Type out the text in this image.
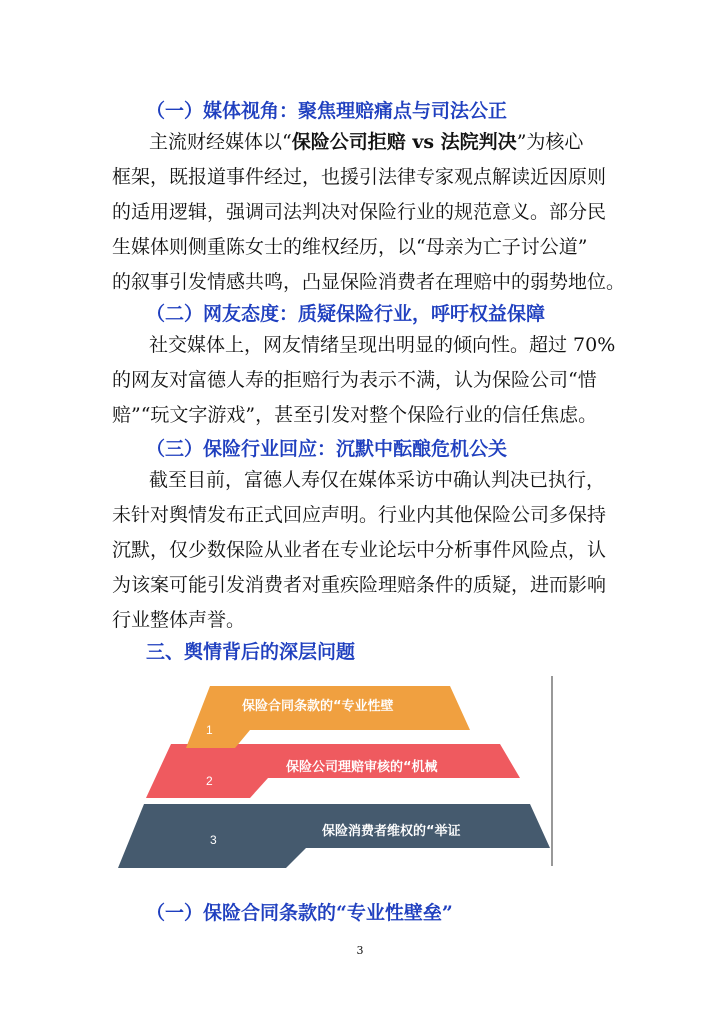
（一）媒体视角：聚焦理赔痛点与司法公正
主流财经媒体以“保险公司拒赔 vs 法院判决”为核心
框架，既报道事件经过，也援引法律专家观点解读近因原则
的适用逻辑，强调司法判决对保险行业的规范意义。部分民
生媒体则侧重陈女士的维权经历，以“母亲为亡子讨公道”
的叙事引发情感共鸣，凸显保险消费者在理赔中的弱势地位。
（二）网友态度：质疑保险行业，呼吁权益保障
社交媒体上，网友情绪呈现出明显的倾向性。超过 70%
的网友对富德人寿的拒赔行为表示不满，认为保险公司“惜
赔”“玩文字游戏”，甚至引发对整个保险行业的信任焦虑。
（三）保险行业回应：沉默中酝酿危机公关
截至目前，富德人寿仅在媒体采访中确认判决已执行，
未针对舆情发布正式回应声明。行业内其他保险公司多保持
沉默，仅少数保险从业者在专业论坛中分析事件风险点，认
为该案可能引发消费者对重疾险理赔条件的质疑，进而影响
行业整体声誉。
三、舆情背后的深层问题
3
保险消费者维权的“举证
2
保险公司理赔审核的“机械
1
保险合同条款的“专业性壁
（一）保险合同条款的“专业性壁垒”
3
